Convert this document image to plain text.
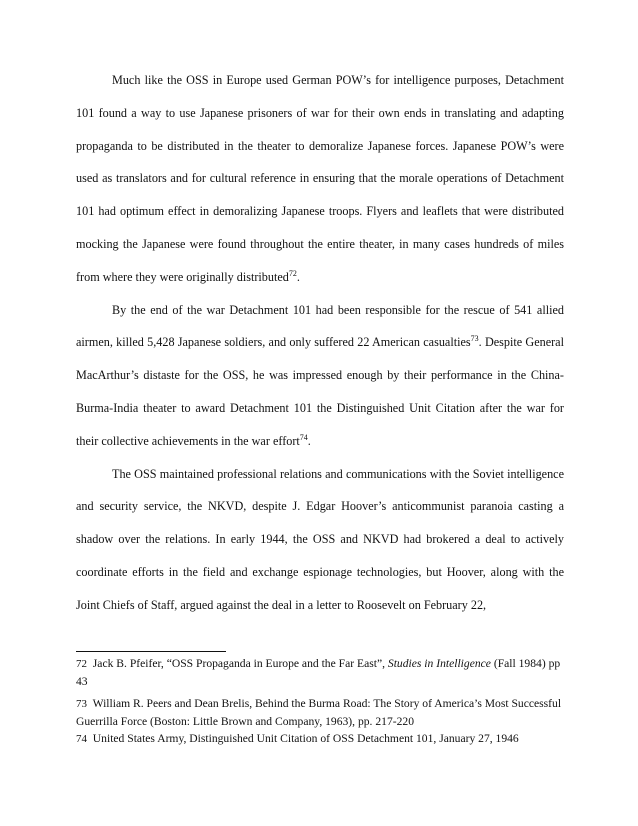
Much like the OSS in Europe used German POW’s for intelligence purposes, Detachment 101 found a way to use Japanese prisoners of war for their own ends in translating and adapting propaganda to be distributed in the theater to demoralize Japanese forces. Japanese POW’s were used as translators and for cultural reference in ensuring that the morale operations of Detachment 101 had optimum effect in demoralizing Japanese troops. Flyers and leaflets that were distributed mocking the Japanese were found throughout the entire theater, in many cases hundreds of miles from where they were originally distributed$^{72}$.

By the end of the war Detachment 101 had been responsible for the rescue of 541 allied airmen, killed 5,428 Japanese soldiers, and only suffered 22 American casualties$^{73}$. Despite General MacArthur’s distaste for the OSS, he was impressed enough by their performance in the China-Burma-India theater to award Detachment 101 the Distinguished Unit Citation after the war for their collective achievements in the war effort$^{74}$.

The OSS maintained professional relations and communications with the Soviet intelligence and security service, the NKVD, despite J. Edgar Hoover’s anticommunist paranoia casting a shadow over the relations. In early 1944, the OSS and NKVD had brokered a deal to actively coordinate efforts in the field and exchange espionage technologies, but Hoover, along with the Joint Chiefs of Staff, argued against the deal in a letter to Roosevelt on February 22,

72 Jack B. Pfeifer, “OSS Propaganda in Europe and the Far East”, Studies in Intelligence (Fall 1984) pp 43

73 William R. Peers and Dean Brelis, Behind the Burma Road: The Story of America’s Most Successful Guerrilla Force (Boston: Little Brown and Company, 1963), pp. 217-220

74 United States Army, Distinguished Unit Citation of OSS Detachment 101, January 27, 1946
